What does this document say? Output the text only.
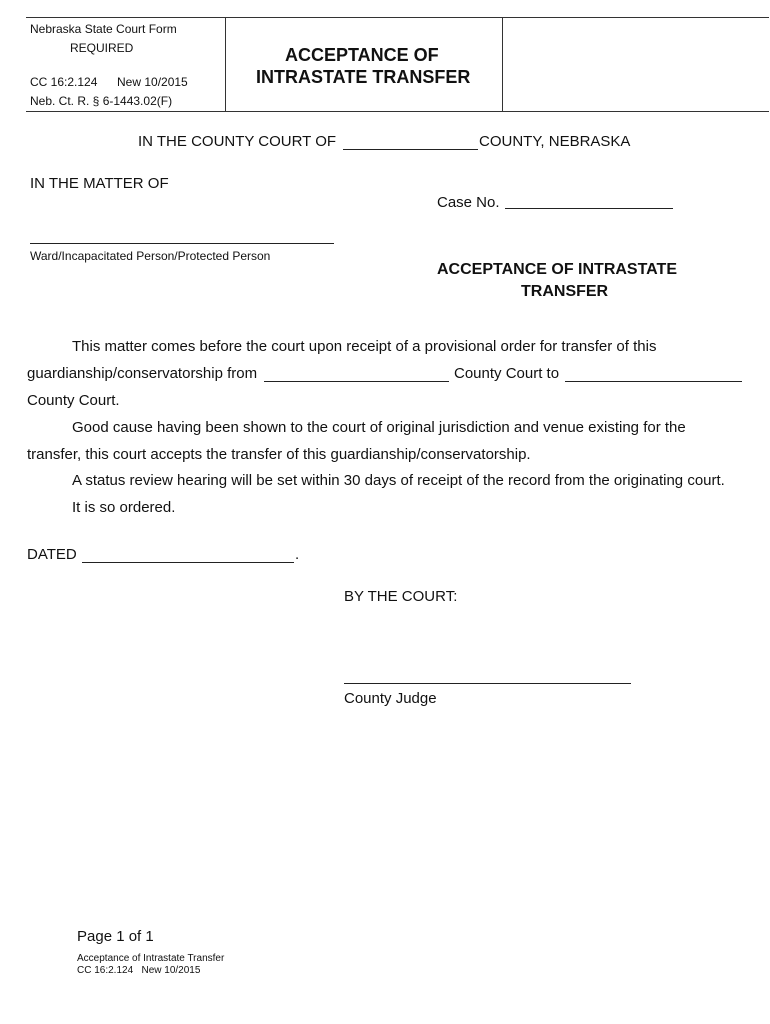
Nebraska State Court Form
REQUIRED
CC 16:2.124 New 10/2015
Neb. Ct. R. § 6-1443.02(F)
ACCEPTANCE OF
INTRASTATE TRANSFER
IN THE COUNTY COURT OF	COUNTY, NEBRASKA
IN THE MATTER OF
Case No.
Ward/Incapacitated Person/Protected Person
ACCEPTANCE OF INTRASTATE
TRANSFER
This matter comes before the court upon receipt of a provisional order for transfer of this
guardianship/conservatorship from	County Court to
County Court.
Good cause having been shown to the court of original jurisdiction and venue existing for the
transfer, this court accepts the transfer of this guardianship/conservatorship.
A status review hearing will be set within 30 days of receipt of the record from the originating court.
It is so ordered.
DATED	.
BY THE COURT:
County Judge
Page 1 of 1
Acceptance of Intrastate Transfer
CC 16:2.124   New 10/2015
